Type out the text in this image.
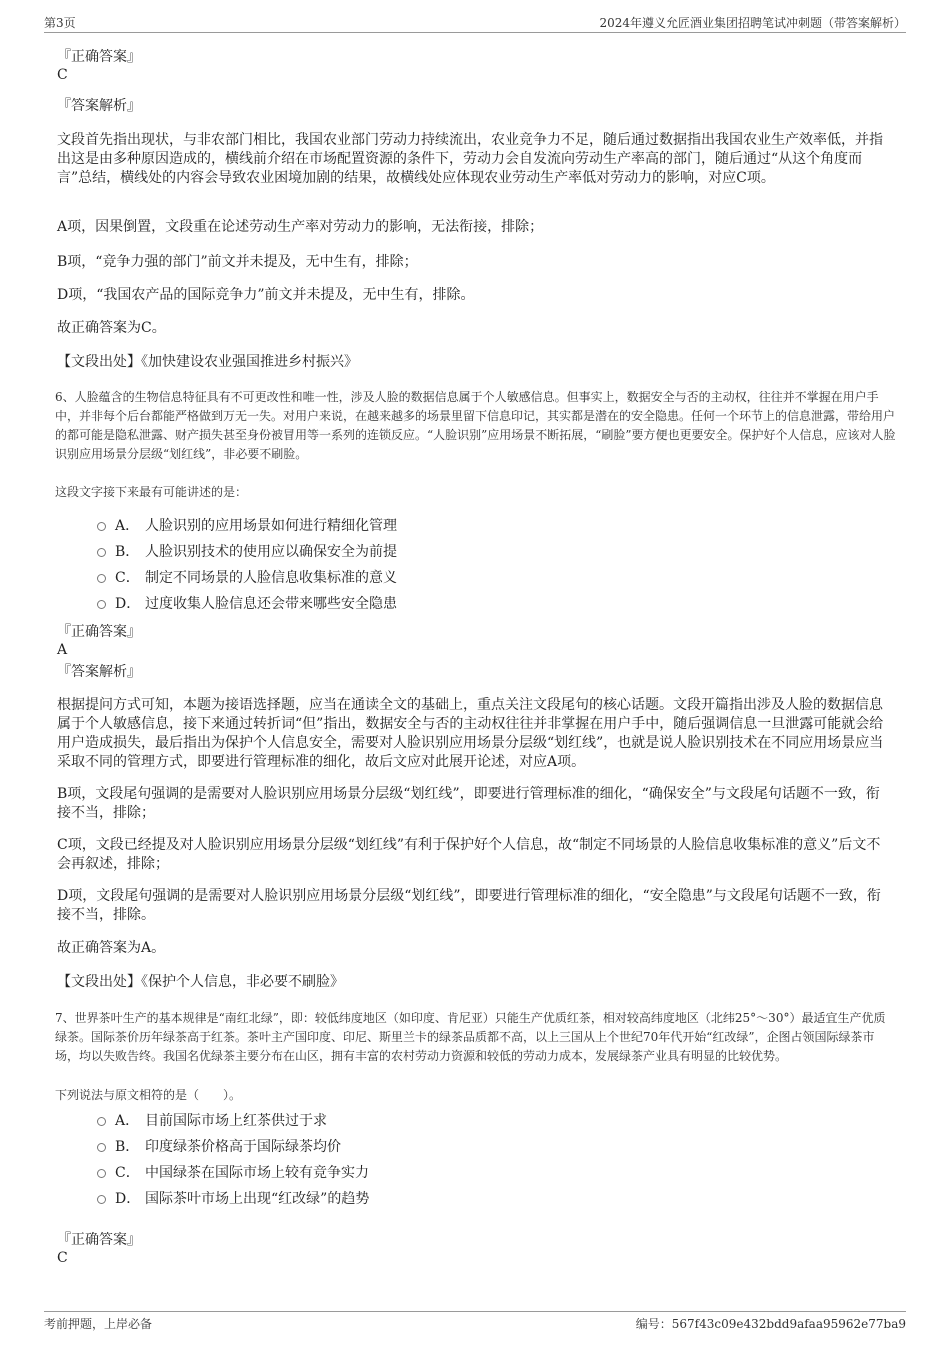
第3页	2024年遵义允匠酒业集团招聘笔试冲刺题（带答案解析）
『正确答案』
C
『答案解析』
文段首先指出现状，与非农部门相比，我国农业部门劳动力持续流出，农业竞争力不足，随后通过数据指出我国农业生产效率低，并指出这是由多种原因造成的，横线前介绍在市场配置资源的条件下，劳动力会自发流向劳动生产率高的部门，随后通过“从这个角度而言”总结，横线处的内容会导致农业困境加剧的结果，故横线处应体现农业劳动生产率低对劳动力的影响，对应C项。
A项，因果倒置，文段重在论述劳动生产率对劳动力的影响，无法衔接，排除；
B项，“竞争力强的部门”前文并未提及，无中生有，排除；
D项，“我国农产品的国际竞争力”前文并未提及，无中生有，排除。
故正确答案为C。
【文段出处】《加快建设农业强国推进乡村振兴》
6、人脸蕴含的生物信息特征具有不可更改性和唯一性，涉及人脸的数据信息属于个人敏感信息。但事实上，数据安全与否的主动权，往往并不掌握在用户手中，并非每个后台都能严格做到万无一失。对用户来说，在越来越多的场景里留下信息印记，其实都是潜在的安全隐患。任何一个环节上的信息泄露，带给用户的都可能是隐私泄露、财产损失甚至身份被冒用等一系列的连锁反应。“人脸识别”应用场景不断拓展，“刷脸”要方便也更要安全。保护好个人信息，应该对人脸识别应用场景分层级“划红线”，非必要不刷脸。
这段文字接下来最有可能讲述的是：
A． 人脸识别的应用场景如何进行精细化管理
B． 人脸识别技术的使用应以确保安全为前提
C． 制定不同场景的人脸信息收集标准的意义
D． 过度收集人脸信息还会带来哪些安全隐患
『正确答案』
A
『答案解析』
根据提问方式可知，本题为接语选择题，应当在通读全文的基础上，重点关注文段尾句的核心话题。文段开篇指出涉及人脸的数据信息属于个人敏感信息，接下来通过转折词“但”指出，数据安全与否的主动权往往并非掌握在用户手中，随后强调信息一旦泄露可能就会给用户造成损失，最后指出为保护个人信息安全，需要对人脸识别应用场景分层级“划红线”，也就是说人脸识别技术在不同应用场景应当采取不同的管理方式，即要进行管理标准的细化，故后文应对此展开论述，对应A项。
B项，文段尾句强调的是需要对人脸识别应用场景分层级“划红线”，即要进行管理标准的细化，“确保安全”与文段尾句话题不一致，衔接不当，排除；
C项，文段已经提及对人脸识别应用场景分层级“划红线”有利于保护好个人信息，故“制定不同场景的人脸信息收集标准的意义”后文不会再叙述，排除；
D项，文段尾句强调的是需要对人脸识别应用场景分层级“划红线”，即要进行管理标准的细化，“安全隐患”与文段尾句话题不一致，衔接不当，排除。
故正确答案为A。
【文段出处】《保护个人信息，非必要不刷脸》
7、世界茶叶生产的基本规律是“南红北绿”，即：较低纬度地区（如印度、肯尼亚）只能生产优质红茶，相对较高纬度地区（北纬25°～30°）最适宜生产优质绿茶。国际茶价历年绿茶高于红茶。茶叶主产国印度、印尼、斯里兰卡的绿茶品质都不高，以上三国从上个世纪70年代开始“红改绿”，企图占领国际绿茶市场，均以失败告终。我国名优绿茶主要分布在山区，拥有丰富的农村劳动力资源和较低的劳动力成本，发展绿茶产业具有明显的比较优势。
下列说法与原文相符的是（　　）。
A． 目前国际市场上红茶供过于求
B． 印度绿茶价格高于国际绿茶均价
C． 中国绿茶在国际市场上较有竞争实力
D． 国际茶叶市场上出现“红改绿”的趋势
『正确答案』
C
考前押题，上岸必备	编号：567f43c09e432bdd9afaa95962e77ba9
